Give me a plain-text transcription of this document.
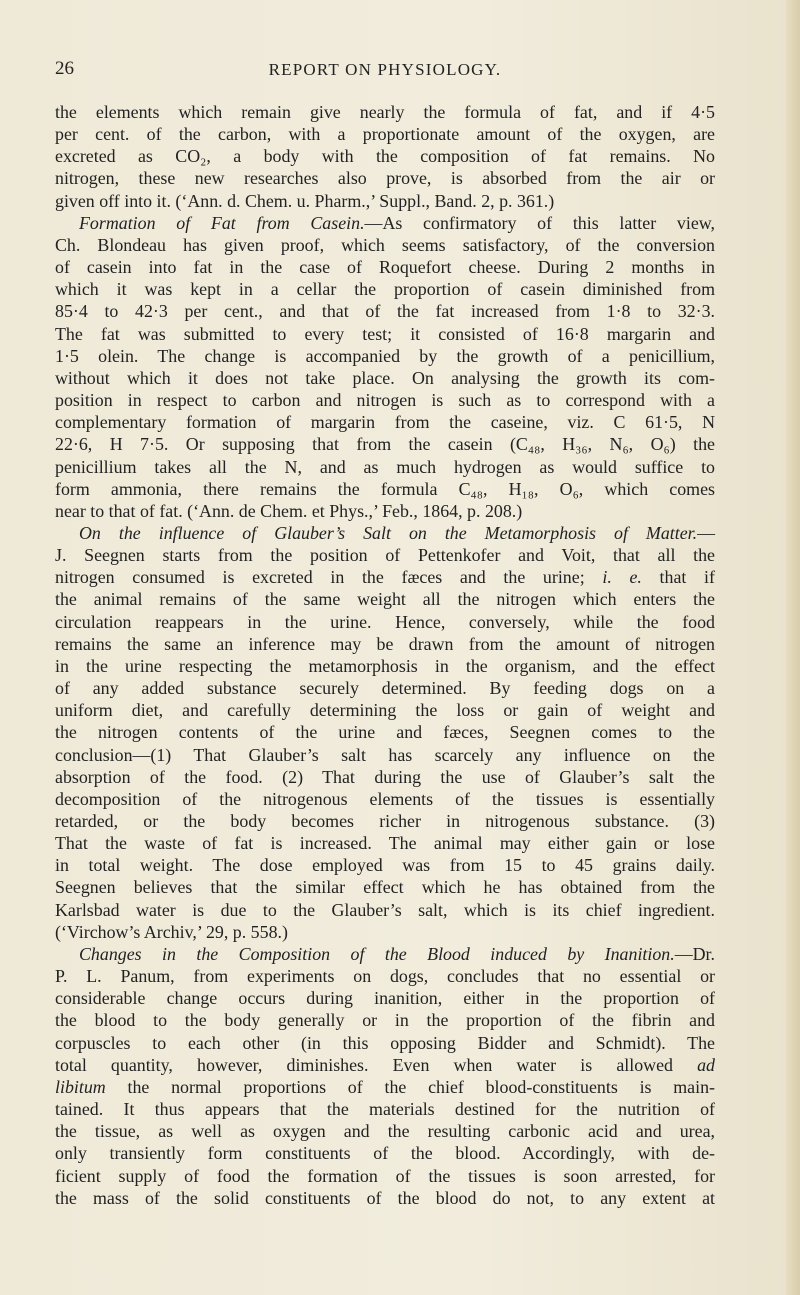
26	REPORT ON PHYSIOLOGY.
the elements which remain give nearly the formula of fat, and if 4·5
per cent. of the carbon, with a proportionate amount of the oxygen, are
excreted as CO₂, a body with the composition of fat remains. No
nitrogen, these new researches also prove, is absorbed from the air or
given off into it. (‘Ann. d. Chem. u. Pharm.,’ Suppl., Band. 2, p. 361.)
Formation of Fat from Casein.—As confirmatory of this latter view,
Ch. Blondeau has given proof, which seems satisfactory, of the conversion
of casein into fat in the case of Roquefort cheese. During 2 months in
which it was kept in a cellar the proportion of casein diminished from
85·4 to 42·3 per cent., and that of the fat increased from 1·8 to 32·3.
The fat was submitted to every test; it consisted of 16·8 margarin and
1·5 olein. The change is accompanied by the growth of a penicillium,
without which it does not take place. On analysing the growth its com-
position in respect to carbon and nitrogen is such as to correspond with a
complementary formation of margarin from the caseine, viz. C 61·5, N
22·6, H 7·5. Or supposing that from the casein (C₄₈, H₃₆, N₆, O₆) the
penicillium takes all the N, and as much hydrogen as would suffice to
form ammonia, there remains the formula C₄₈, H₁₈, O₆, which comes
near to that of fat. (‘Ann. de Chem. et Phys.,’ Feb., 1864, p. 208.)
On the influence of Glauber’s Salt on the Metamorphosis of Matter.—
J. Seegnen starts from the position of Pettenkofer and Voit, that all the
nitrogen consumed is excreted in the fæces and the urine; i. e. that if
the animal remains of the same weight all the nitrogen which enters the
circulation reappears in the urine. Hence, conversely, while the food
remains the same an inference may be drawn from the amount of nitrogen
in the urine respecting the metamorphosis in the organism, and the effect
of any added substance securely determined. By feeding dogs on a
uniform diet, and carefully determining the loss or gain of weight and
the nitrogen contents of the urine and fæces, Seegnen comes to the
conclusion—(1) That Glauber’s salt has scarcely any influence on the
absorption of the food. (2) That during the use of Glauber’s salt the
decomposition of the nitrogenous elements of the tissues is essentially
retarded, or the body becomes richer in nitrogenous substance. (3)
That the waste of fat is increased. The animal may either gain or lose
in total weight. The dose employed was from 15 to 45 grains daily.
Seegnen believes that the similar effect which he has obtained from the
Karlsbad water is due to the Glauber’s salt, which is its chief ingredient.
(‘Virchow’s Archiv,’ 29, p. 558.)
Changes in the Composition of the Blood induced by Inanition.—Dr.
P. L. Panum, from experiments on dogs, concludes that no essential or
considerable change occurs during inanition, either in the proportion of
the blood to the body generally or in the proportion of the fibrin and
corpuscles to each other (in this opposing Bidder and Schmidt). The
total quantity, however, diminishes. Even when water is allowed ad
libitum the normal proportions of the chief blood-constituents is main-
tained. It thus appears that the materials destined for the nutrition of
the tissue, as well as oxygen and the resulting carbonic acid and urea,
only transiently form constituents of the blood. Accordingly, with de-
ficient supply of food the formation of the tissues is soon arrested, for
the mass of the solid constituents of the blood do not, to any extent at
